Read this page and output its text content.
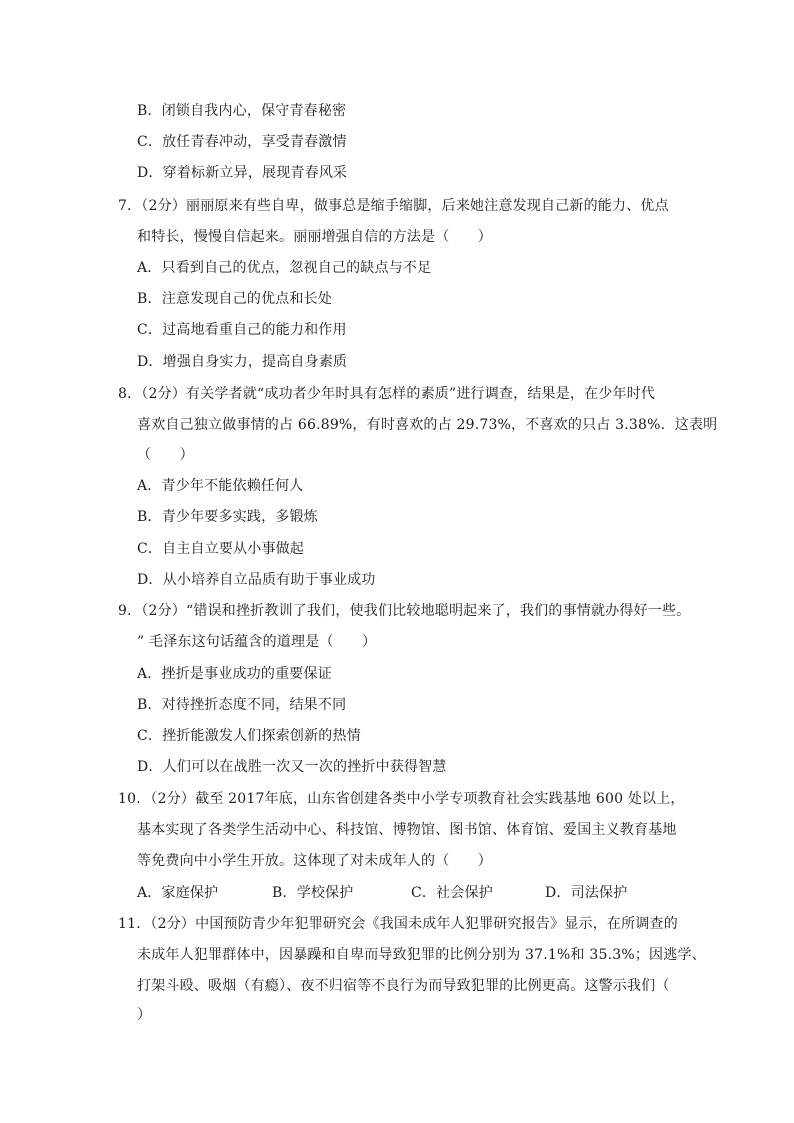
B．闭锁自我内心，保守青春秘密
C．放任青春冲动，享受青春激情
D．穿着标新立异，展现青春风采
7．（2分）丽丽原来有些自卑，做事总是缩手缩脚，后来她注意发现自己新的能力、优点
和特长，慢慢自信起来。丽丽增强自信的方法是（　　）
A．只看到自己的优点，忽视自己的缺点与不足
B．注意发现自己的优点和长处
C．过高地看重自己的能力和作用
D．增强自身实力，提高自身素质
8．（2分）有关学者就“成功者少年时具有怎样的素质”进行调查，结果是，在少年时代
喜欢自己独立做事情的占 66.89%，有时喜欢的占 29.73%，不喜欢的只占 3.38%．这表明
（　　）
A．青少年不能依赖任何人
B．青少年要多实践，多锻炼
C．自主自立要从小事做起
D．从小培养自立品质有助于事业成功
9．（2分）“错误和挫折教训了我们，使我们比较地聪明起来了，我们的事情就办得好一些。
” 毛泽东这句话蕴含的道理是（　　）
A．挫折是事业成功的重要保证
B．对待挫折态度不同，结果不同
C．挫折能激发人们探索创新的热情
D．人们可以在战胜一次又一次的挫折中获得智慧
10．（2分）截至 2017年底，山东省创建各类中小学专项教育社会实践基地 600 处以上，
基本实现了各类学生活动中心、科技馆、博物馆、图书馆、体育馆、爱国主义教育基地
等免费向中小学生开放。这体现了对未成年人的（　　）
A．家庭保护	B．学校保护	C．社会保护	D．司法保护
11．（2分）中国预防青少年犯罪研究会《我国未成年人犯罪研究报告》显示，在所调查的
未成年人犯罪群体中，因暴躁和自卑而导致犯罪的比例分别为 37.1%和 35.3%；因逃学、
打架斗殴、吸烟（有瘾）、夜不归宿等不良行为而导致犯罪的比例更高。这警示我们（
）
